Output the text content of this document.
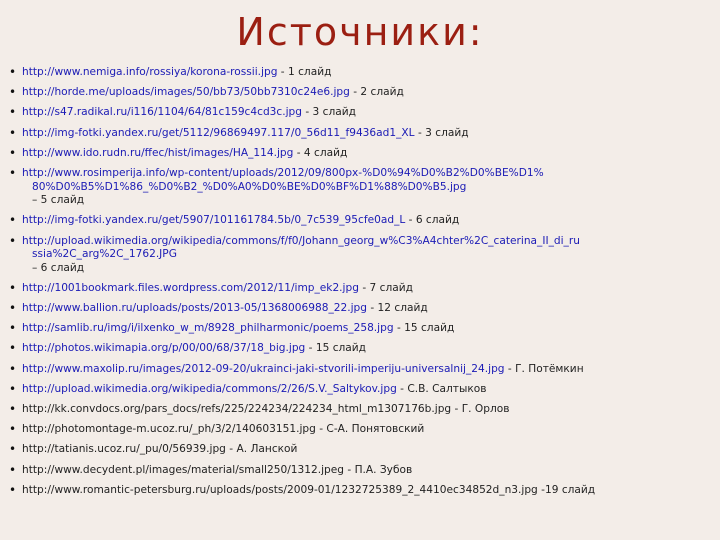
Источники:
• http://www.nemiga.info/rossiya/korona-rossii.jpg - 1 слайд
• http://horde.me/uploads/images/50/bb73/50bb7310c24e6.jpg - 2 слайд
• http://s47.radikal.ru/i116/1104/64/81c159c4cd3c.jpg - 3 слайд
• http://img-fotki.yandex.ru/get/5112/96869497.117/0_56d11_f9436ad1_XL - 3 слайд
• http://www.ido.rudn.ru/ffec/hist/images/HA_114.jpg - 4 слайд
• http://www.rosimperija.info/wp-content/uploads/2012/09/800px-%D0%94%D0%B2%D0%BE%D1%
80%D0%B5%D1%86_%D0%B2_%D0%A0%D0%BE%D0%BF%D1%88%D0%B5.jpg
– 5 слайд
• http://img-fotki.yandex.ru/get/5907/101161784.5b/0_7c539_95cfe0ad_L - 6 слайд
• http://upload.wikimedia.org/wikipedia/commons/f/f0/Johann_georg_w%C3%A4chter%2C_caterina_II_di_ru
ssia%2C_arg%2C_1762.JPG
– 6 слайд
• http://1001bookmark.files.wordpress.com/2012/11/imp_ek2.jpg - 7 слайд
• http://www.ballion.ru/uploads/posts/2013-05/1368006988_22.jpg - 12 слайд
• http://samlib.ru/img/i/ilxenko_w_m/8928_philharmonic/poems_258.jpg - 15 слайд
• http://photos.wikimapia.org/p/00/00/68/37/18_big.jpg - 15 слайд
• http://www.maxolip.ru/images/2012-09-20/ukrainci-jaki-stvorili-imperiju-universalnij_24.jpg - Г. Потёмкин
• http://upload.wikimedia.org/wikipedia/commons/2/26/S.V._Saltykov.jpg - С.В. Салтыков
• http://kk.convdocs.org/pars_docs/refs/225/224234/224234_html_m1307176b.jpg - Г. Орлов
• http://photomontage-m.ucoz.ru/_ph/3/2/140603151.jpg - С-А. Понятовский
• http://tatianis.ucoz.ru/_pu/0/56939.jpg - А. Ланской
• http://www.decydent.pl/images/material/small250/1312.jpeg - П.А. Зубов
• http://www.romantic-petersburg.ru/uploads/posts/2009-01/1232725389_2_4410ec34852d_n3.jpg -19 слайд
